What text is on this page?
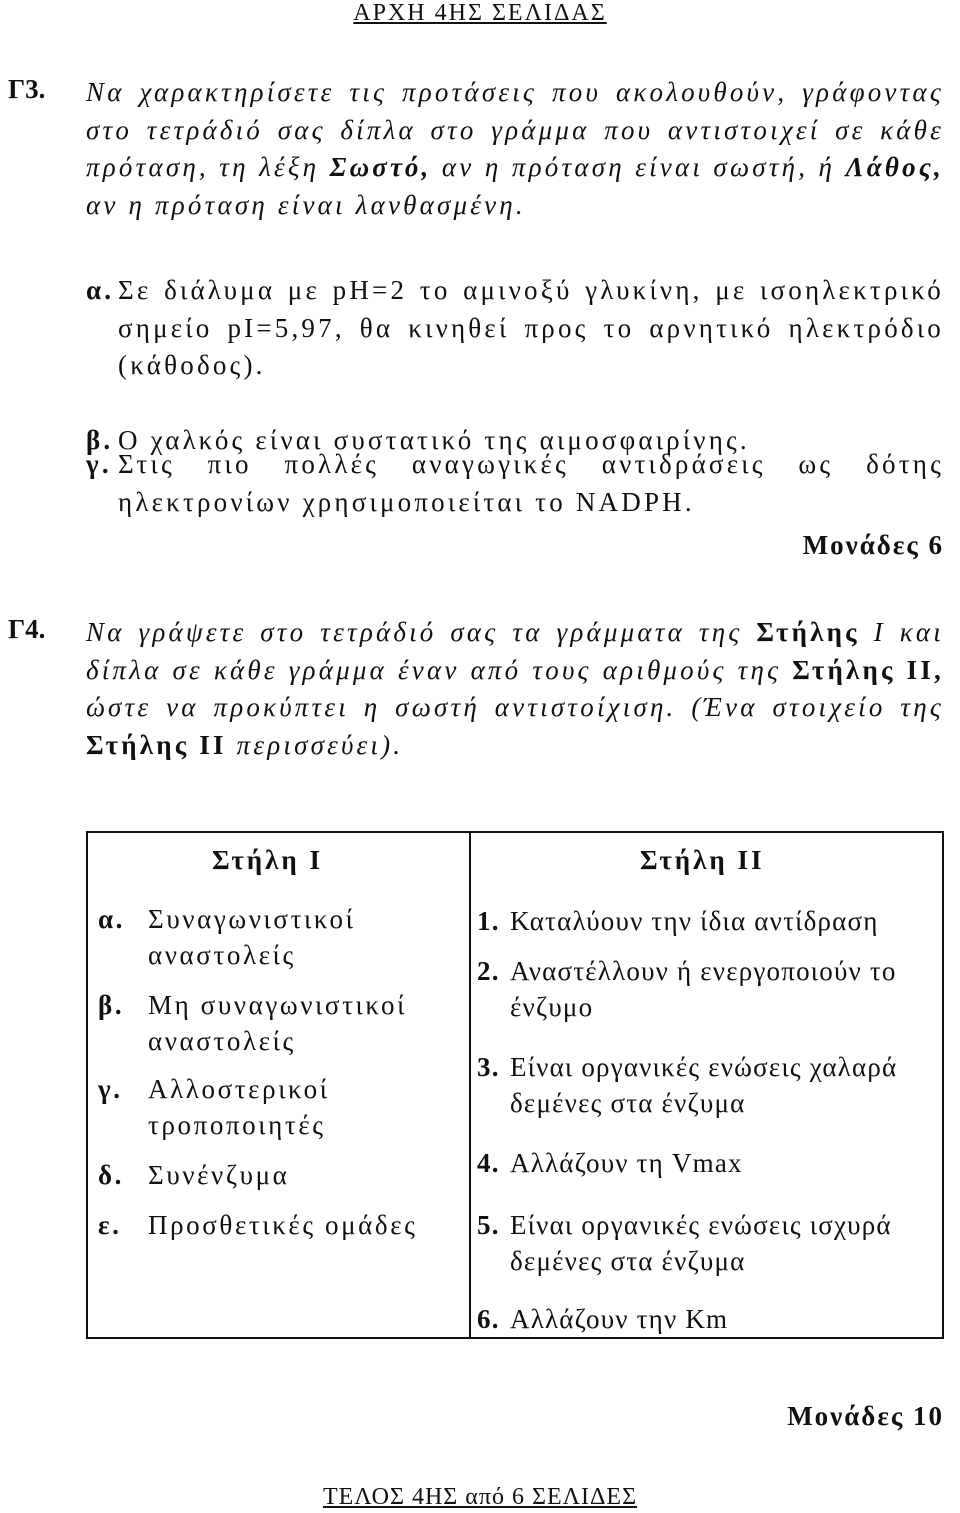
ΑΡΧΗ 4ΗΣ ΣΕΛΙΔΑΣ
Γ3. Να χαρακτηρίσετε τις προτάσεις που ακολουθούν, γράφοντας στο τετράδιό σας δίπλα στο γράμμα που αντιστοιχεί σε κάθε πρόταση, τη λέξη Σωστό, αν η πρόταση είναι σωστή, ή Λάθος, αν η πρόταση είναι λανθασμένη.
α. Σε διάλυμα με pH=2 το αμινοξύ γλυκίνη, με ισοηλεκτρικό σημείο pI=5,97, θα κινηθεί προς το αρνητικό ηλεκτρόδιο (κάθοδος).
β. Ο χαλκός είναι συστατικό της αιμοσφαιρίνης.
γ. Στις πιο πολλές αναγωγικές αντιδράσεις ως δότης ηλεκτρονίων χρησιμοποιείται το NADPH.
Μονάδες 6
Γ4. Να γράψετε στο τετράδιό σας τα γράμματα της Στήλης Ι και δίπλα σε κάθε γράμμα έναν από τους αριθμούς της Στήλης ΙΙ, ώστε να προκύπτει η σωστή αντιστοίχιση. (Ένα στοιχείο της Στήλης ΙΙ περισσεύει).
Στήλη Ι	Στήλη ΙΙ
α. Συναγωνιστικοί αναστολείς
β. Μη συναγωνιστικοί αναστολείς
γ. Αλλοστερικοί τροποποιητές
δ. Συνένζυμα
ε. Προσθετικές ομάδες
1. Καταλύουν την ίδια αντίδραση
2. Αναστέλλουν ή ενεργοποιούν το ένζυμο
3. Είναι οργανικές ενώσεις χαλαρά δεμένες στα ένζυμα
4. Αλλάζουν τη Vmax
5. Είναι οργανικές ενώσεις ισχυρά δεμένες στα ένζυμα
6. Αλλάζουν την Km
Μονάδες 10
ΤΕΛΟΣ 4ΗΣ από 6 ΣΕΛΙΔΕΣ
